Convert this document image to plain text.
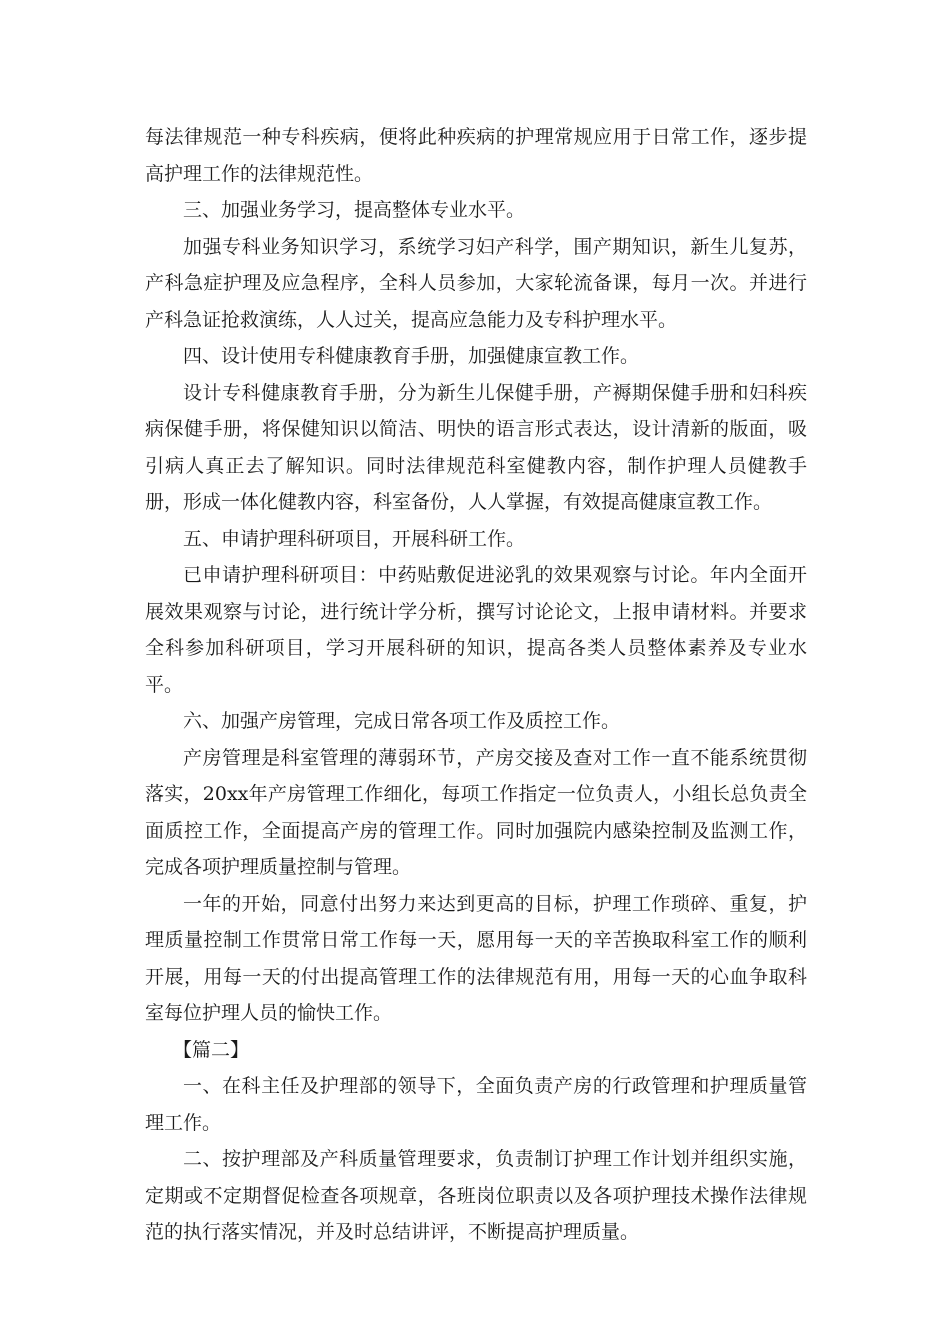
每法律规范一种专科疾病，便将此种疾病的护理常规应用于日常工作，逐步提高护理工作的法律规范性。

三、加强业务学习，提高整体专业水平。

加强专科业务知识学习，系统学习妇产科学，围产期知识，新生儿复苏，产科急症护理及应急程序，全科人员参加，大家轮流备课，每月一次。并进行产科急证抢救演练，人人过关，提高应急能力及专科护理水平。

四、设计使用专科健康教育手册，加强健康宣教工作。

设计专科健康教育手册，分为新生儿保健手册，产褥期保健手册和妇科疾病保健手册，将保健知识以简洁、明快的语言形式表达，设计清新的版面，吸引病人真正去了解知识。同时法律规范科室健教内容，制作护理人员健教手册，形成一体化健教内容，科室备份，人人掌握，有效提高健康宣教工作。

五、申请护理科研项目，开展科研工作。

已申请护理科研项目：中药贴敷促进泌乳的效果观察与讨论。年内全面开展效果观察与讨论，进行统计学分析，撰写讨论论文，上报申请材料。并要求全科参加科研项目，学习开展科研的知识，提高各类人员整体素养及专业水平。

六、加强产房管理，完成日常各项工作及质控工作。

产房管理是科室管理的薄弱环节，产房交接及查对工作一直不能系统贯彻落实，20xx年产房管理工作细化，每项工作指定一位负责人，小组长总负责全面质控工作，全面提高产房的管理工作。同时加强院内感染控制及监测工作，完成各项护理质量控制与管理。

一年的开始，同意付出努力来达到更高的目标，护理工作琐碎、重复，护理质量控制工作贯常日常工作每一天，愿用每一天的辛苦换取科室工作的顺利开展，用每一天的付出提高管理工作的法律规范有用，用每一天的心血争取科室每位护理人员的愉快工作。

【篇二】

一、在科主任及护理部的领导下，全面负责产房的行政管理和护理质量管理工作。

二、按护理部及产科质量管理要求，负责制订护理工作计划并组织实施，定期或不定期督促检查各项规章，各班岗位职责以及各项护理技术操作法律规范的执行落实情况，并及时总结讲评，不断提高护理质量。
